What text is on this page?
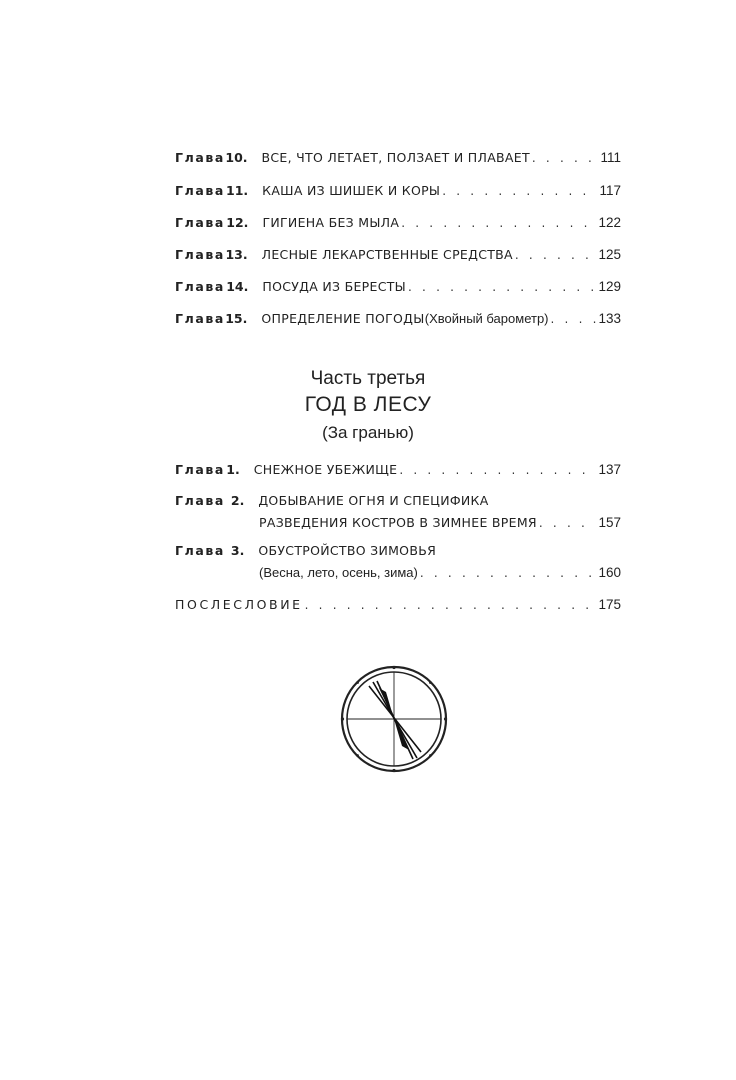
Глава 10. ВСЕ, ЧТО ЛЕТАЕТ, ПОЛЗАЕТ И ПЛАВАЕТ . . .	111
Глава 11. КАША ИЗ ШИШЕК И КОРЫ . . .	117
Глава 12. ГИГИЕНА БЕЗ МЫЛА . . .	122
Глава 13. ЛЕСНЫЕ ЛЕКАРСТВЕННЫЕ СРЕДСТВА . . .	125
Глава 14. ПОСУДА ИЗ БЕРЕСТЫ . . .	129
Глава 15. ОПРЕДЕЛЕНИЕ ПОГОДЫ (Хвойный барометр) . . .	133
Глава 1. СНЕЖНОЕ УБЕЖИЩЕ . . .	137
Глава 2. ДОБЫВАНИЕ ОГНЯ И СПЕЦИФИКА
РАЗВЕДЕНИЯ КОСТРОВ В ЗИМНЕЕ ВРЕМЯ . . .	157
Глава 3. ОБУСТРОЙСТВО ЗИМОВЬЯ
(Весна, лето, осень, зима) . . .	160
ПОСЛЕСЛОВИЕ . . .	175
Часть третья
ГОД В ЛЕСУ
(За гранью)
